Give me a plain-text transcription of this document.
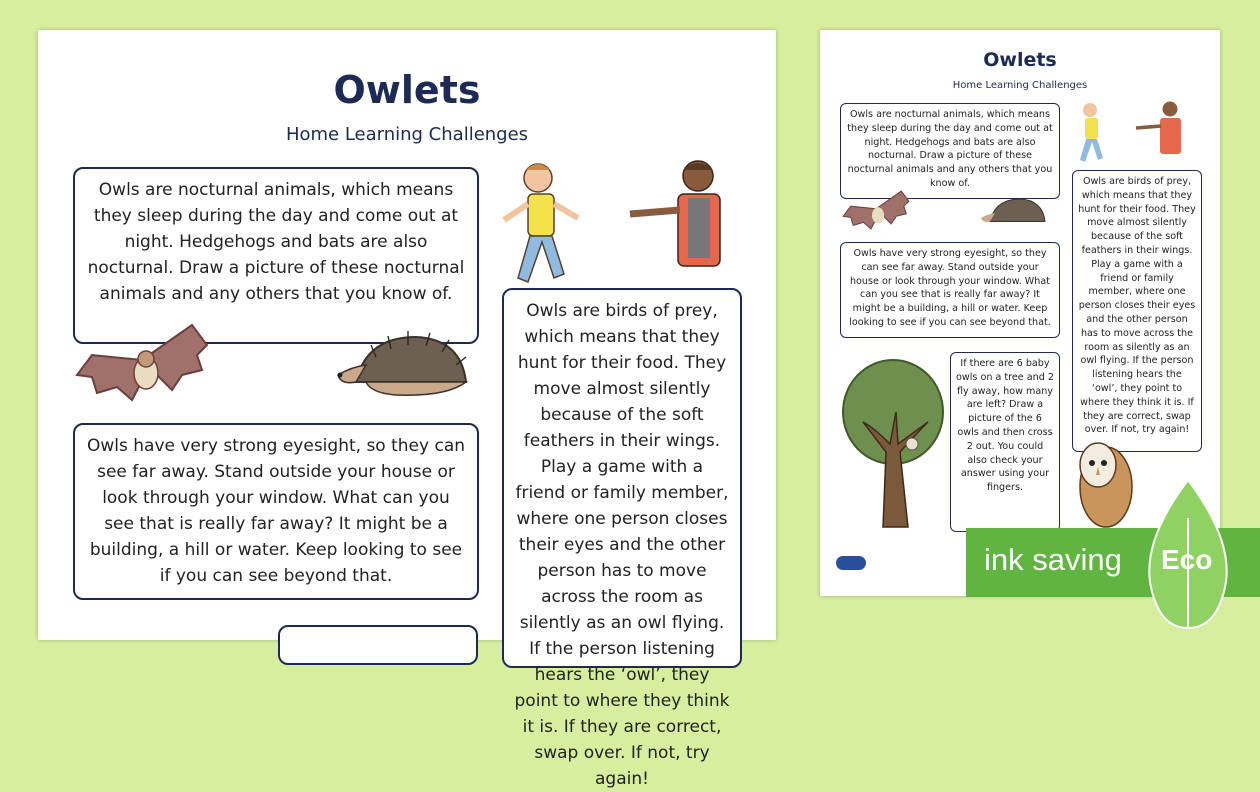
Owlets
Home Learning Challenges
Owls are nocturnal animals, which means they sleep during the day and come out at night. Hedgehogs and bats are also nocturnal. Draw a picture of these nocturnal animals and any others that you know of.
Owls have very strong eyesight, so they can see far away. Stand outside your house or look through your window. What can you see that is really far away? It might be a building, a hill or water. Keep looking to see if you can see beyond that.
Owls are birds of prey, which means that they hunt for their food. They move almost silently because of the soft feathers in their wings. Play a game with a friend or family member, where one person closes their eyes and the other person has to move across the room as silently as an owl flying. If the person listening hears the ‘owl’, they point to where they think it is. If they are correct, swap over. If not, try again!
Owlets
Home Learning Challenges
Owls are nocturnal animals, which means they sleep during the day and come out at night. Hedgehogs and bats are also nocturnal. Draw a picture of these nocturnal animals and any others that you know of.
Owls have very strong eyesight, so they can see far away. Stand outside your house or look through your window. What can you see that is really far away? It might be a building, a hill or water. Keep looking to see if you can see beyond that.
Owls are birds of prey, which means that they hunt for their food. They move almost silently because of the soft feathers in their wings. Play a game with a friend or family member, where one person closes their eyes and the other person has to move across the room as silently as an owl flying. If the person listening hears the ‘owl’, they point to where they think it is. If they are correct, swap over. If not, try again!
If there are 6 baby owls on a tree and 2 fly away, how many are left? Draw a picture of the 6 owls and then cross 2 out. You could also check your answer using your fingers.
ink saving Eco
